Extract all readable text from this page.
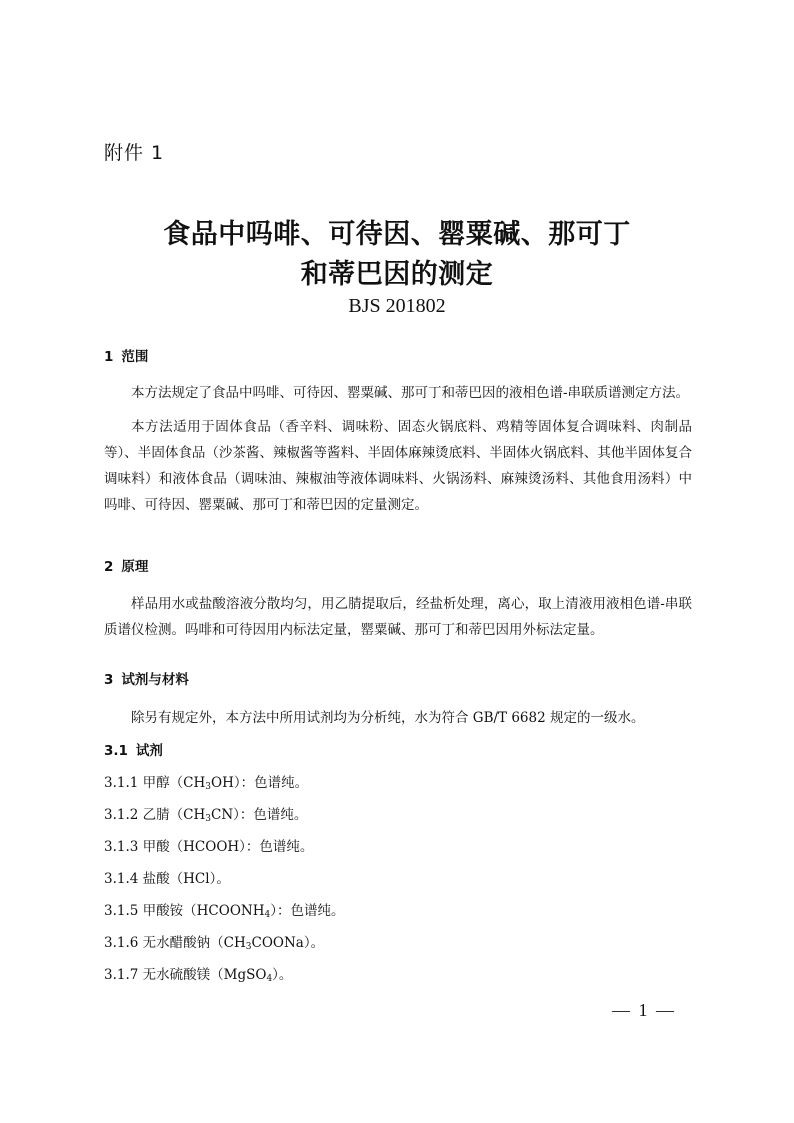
附件 1
食品中吗啡、可待因、罂粟碱、那可丁
和蒂巴因的测定
BJS 201802
1 范围
本方法规定了食品中吗啡、可待因、罂粟碱、那可丁和蒂巴因的液相色谱-串联质谱测定方法。
本方法适用于固体食品（香辛料、调味粉、固态火锅底料、鸡精等固体复合调味料、肉制品等）、半固体食品（沙茶酱、辣椒酱等酱料、半固体麻辣烫底料、半固体火锅底料、其他半固体复合调味料）和液体食品（调味油、辣椒油等液体调味料、火锅汤料、麻辣烫汤料、其他食用汤料）中吗啡、可待因、罂粟碱、那可丁和蒂巴因的定量测定。
2 原理
样品用水或盐酸溶液分散均匀，用乙腈提取后，经盐析处理，离心，取上清液用液相色谱-串联质谱仪检测。吗啡和可待因用内标法定量，罂粟碱、那可丁和蒂巴因用外标法定量。
3 试剂与材料
除另有规定外，本方法中所用试剂均为分析纯，水为符合 GB/T 6682 规定的一级水。
3.1 试剂
3.1.1 甲醇$(CH_3OH)$：色谱纯。
3.1.2 乙腈$(CH_3CN)$：色谱纯。
3.1.3 甲酸（HCOOH）：色谱纯。
3.1.4 盐酸（HCl）。
3.1.5 甲酸铵$(HCOONH_4)$：色谱纯。
3.1.6 无水醋酸钠$(CH_3COONa)$。
3.1.7 无水硫酸镁（MgSO$_4$）。
— 1 —
